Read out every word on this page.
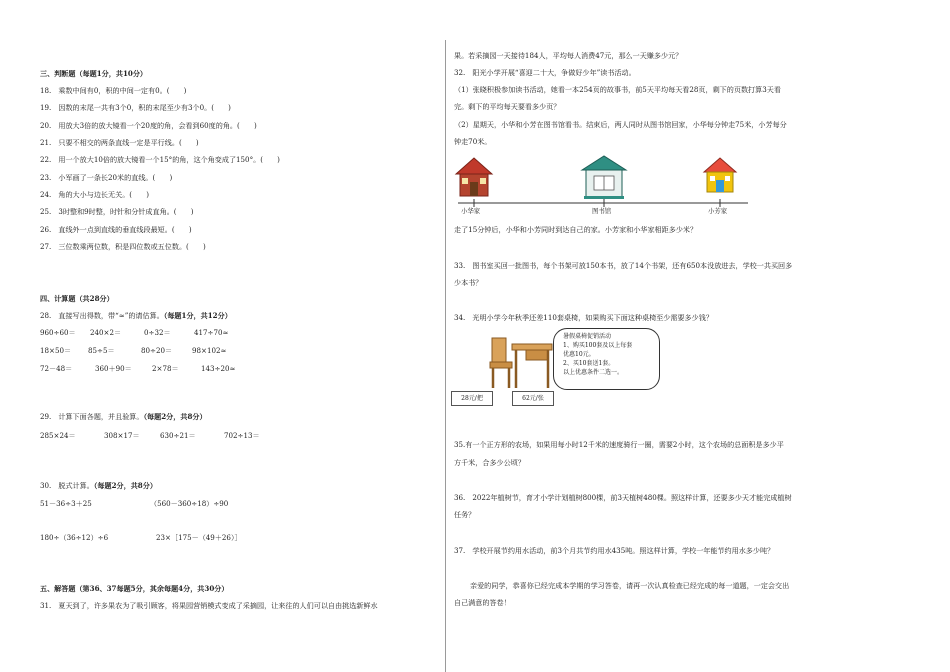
三、判断题（每题1分，共10分）
18.　乘数中间有0，积的中间一定有0。(　　)
19.　因数的末尾一共有3个0，积的末尾至少有3个0。(　　)
20.　用放大3倍的放大镜看一个20度的角，会看到60度的角。(　　)
21.　只要不相交的两条直线一定是平行线。(　　)
22.　用一个放大10倍的放大镜看一个15°的角，这个角变成了150°。(　　)
23.　小军画了一条长20米的直线。(　　)
24.　角的大小与边长无关。(　　)
25.　3时整和9时整，时针和分针成直角。(　　)
26.　直线外一点到直线的垂直线段最短。(　　)
27.　三位数乘两位数，积是四位数或五位数。(　　)
四、计算题（共28分）
28.　直接写出得数，带“≈”的请估算。（每题1分，共12分）
960÷60＝ 240×2＝	0÷32＝	417÷70≈
18×50＝ 85÷5＝	80÷20＝	98×102≈
72－48＝	360＋90＝	2×78＝	143÷20≈
29.　计算下面各题，并且验算。（每题2分，共8分）
285×24＝	308×17＝	630÷21＝	702÷13＝
30.　脱式计算。（每题2分，共8分）
51－36÷3＋25	（560－360÷18）÷90
180÷（36÷12）÷6	23×［175－（49＋26）］
五、解答题（第36、37每题5分，其余每题4分，共30分）
31.　夏天到了，许多果农为了吸引顾客，将果园营销模式变成了采摘园，让来往的人们可以自由挑选新鲜水
果。若采摘园一天接待184人，平均每人消费47元，那么一天赚多少元？
32.　阳光小学开展“喜迎二十大，争做好少年”读书活动。
（1）张晓积极参加读书活动，她看一本254页的故事书，前5天平均每天看28页，剩下的页数打算3天看
完。剩下的平均每天要看多少页？
（2）星期天，小华和小芳在图书馆看书。结束后，两人同时从图书馆回家，小华每分钟走75米，小芳每分
钟走70米。
小华家	图书馆	小芳家
走了15分钟后，小华和小芳同时到达自己的家。小芳家和小华家相距多少米？
33.　图书室买回一批图书，每个书架可放150本书，放了14个书架，还有650本没放进去，学校一共买回多
少本书？
34.　光明小学今年秋季还差110套桌椅，如果购买下面这种桌椅至少需要多少钱？
暑假桌椅促销活动
1、购买100套及以上每套
优惠10元。
2、买10套送1套。
以上优惠条件二选一。
28元/把	62元/张
35.有一个正方形的农场，如果用每小时12千米的速度骑行一圈，需要2小时，这个农场的总面积是多少平
方千米，合多少公顷？
36.　2022年植树节，育才小学计划植树800棵，前3天植树480棵。照这样计算，还要多少天才能完成植树
任务？
37.　学校开展节约用水活动，前3个月共节约用水435吨。照这样计算，学校一年能节约用水多少吨？
亲爱的同学，恭喜你已经完成本学期的学习答卷，请再一次认真检查已经完成的每一道题，一定会交出
自己满意的答卷！
